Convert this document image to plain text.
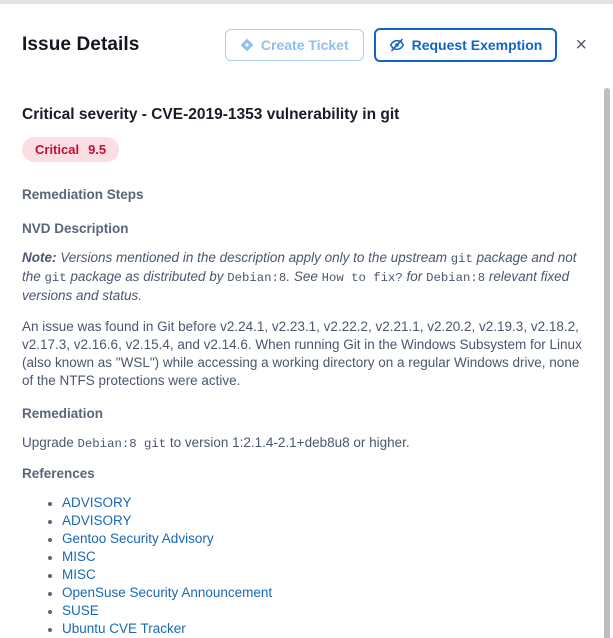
Issue Details	Create Ticket	Request Exemption	×
Critical severity - CVE-2019-1353 vulnerability in git
Critical 9.5
Remediation Steps
NVD Description

Note: Versions mentioned in the description apply only to the upstream git package and not the git package as distributed by Debian:8. See How to fix? for Debian:8 relevant fixed versions and status.

An issue was found in Git before v2.24.1, v2.23.1, v2.22.2, v2.21.1, v2.20.2, v2.19.3, v2.18.2, v2.17.3, v2.16.6, v2.15.4, and v2.14.6. When running Git in the Windows Subsystem for Linux (also known as "WSL") while accessing a working directory on a regular Windows drive, none of the NTFS protections were active.

Remediation

Upgrade Debian:8 git to version 1:2.1.4-2.1+deb8u8 or higher.

References
• ADVISORY
• ADVISORY
• Gentoo Security Advisory
• MISC
• MISC
• OpenSuse Security Announcement
• SUSE
• Ubuntu CVE Tracker
